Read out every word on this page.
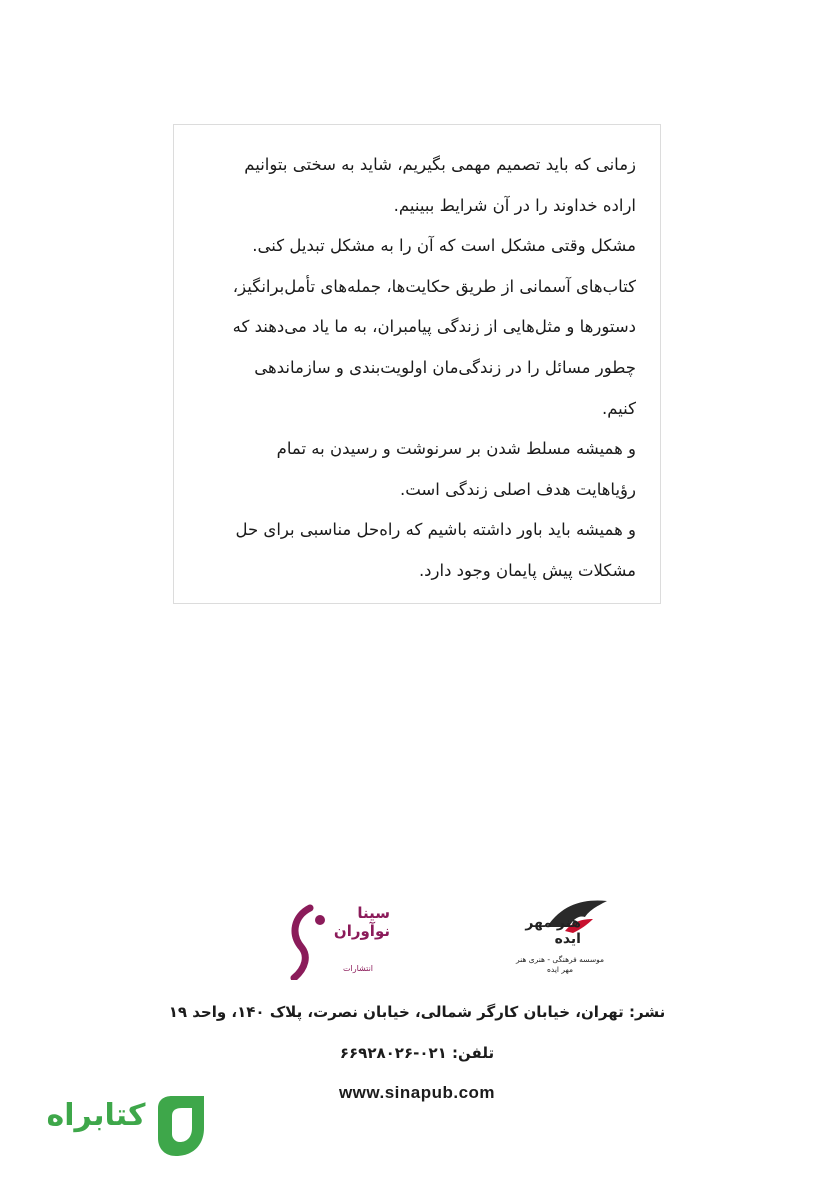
زمانی که باید تصمیم مهمی بگیریم، شاید به سختی بتوانیم
اراده خداوند را در آن شرایط ببینیم.
مشکل وقتی مشکل است که آن را به مشکل تبدیل کنی.
کتاب‌های آسمانی از طریق حکایت‌ها، جمله‌های تأمل‌برانگیز،
دستورها و مثل‌هایی از زندگی پیامبران، به ما یاد می‌دهند که
چطور مسائل را در زندگی‌مان اولویت‌بندی و سازماندهی
کنیم.
و همیشه مسلط شدن بر سرنوشت و رسیدن به تمام
رؤیاهایت هدف اصلی زندگی است.
و همیشه باید باور داشته باشیم که راه‌حل مناسبی برای حل
مشکلات پیش پایمان وجود دارد.
سینا نوآوران
انتشارات
هنر مهر ایده
موسسه فرهنگی - هنری هنر مهر ایده
نشر: تهران، خیابان کارگر شمالی، خیابان نصرت، پلاک ۱۴۰، واحد ۱۹
تلفن: ۰۲۱-۶۶۹۲۸۰۲۶
www.sinapub.com
کتابراه
